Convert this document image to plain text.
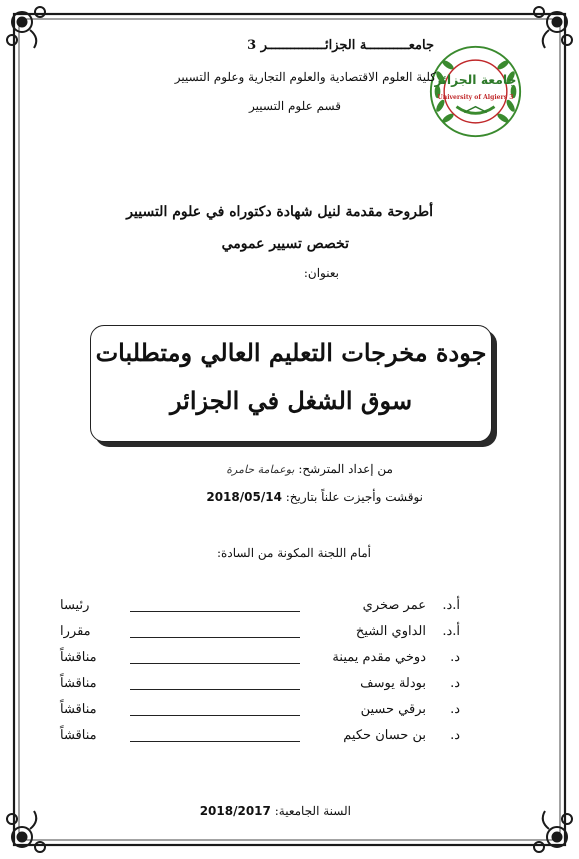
جامعة الجزائر
University of Algiers 3
جامعـــــــــــة الجزائـــــــــــــــر 3
كلية العلوم الاقتصادية والعلوم التجارية وعلوم التسيير
قسم علوم التسيير
أطروحة مقدمة لنيل شهادة دكتوراه في علوم التسيير
تخصص تسيير عمومي
بعنوان:
جودة مخرجات التعليم العالي ومتطلبات
سوق الشغل في الجزائر
من إعداد المترشح: بوعمامة حامرة
نوقشت وأجيزت علناً بتاريخ: 2018/05/14
أمام اللجنة المكونة من السادة:
أ.د.
عمر صخري
رئيسا
أ.د.
الداوي الشيخ
مقررا
د.
دوخي مقدم يمينة
مناقشاً
د.
بودلة يوسف
مناقشاً
د.
برقي حسين
مناقشاً
د.
بن حسان حكيم
مناقشاً
السنة الجامعية: 2018/2017
